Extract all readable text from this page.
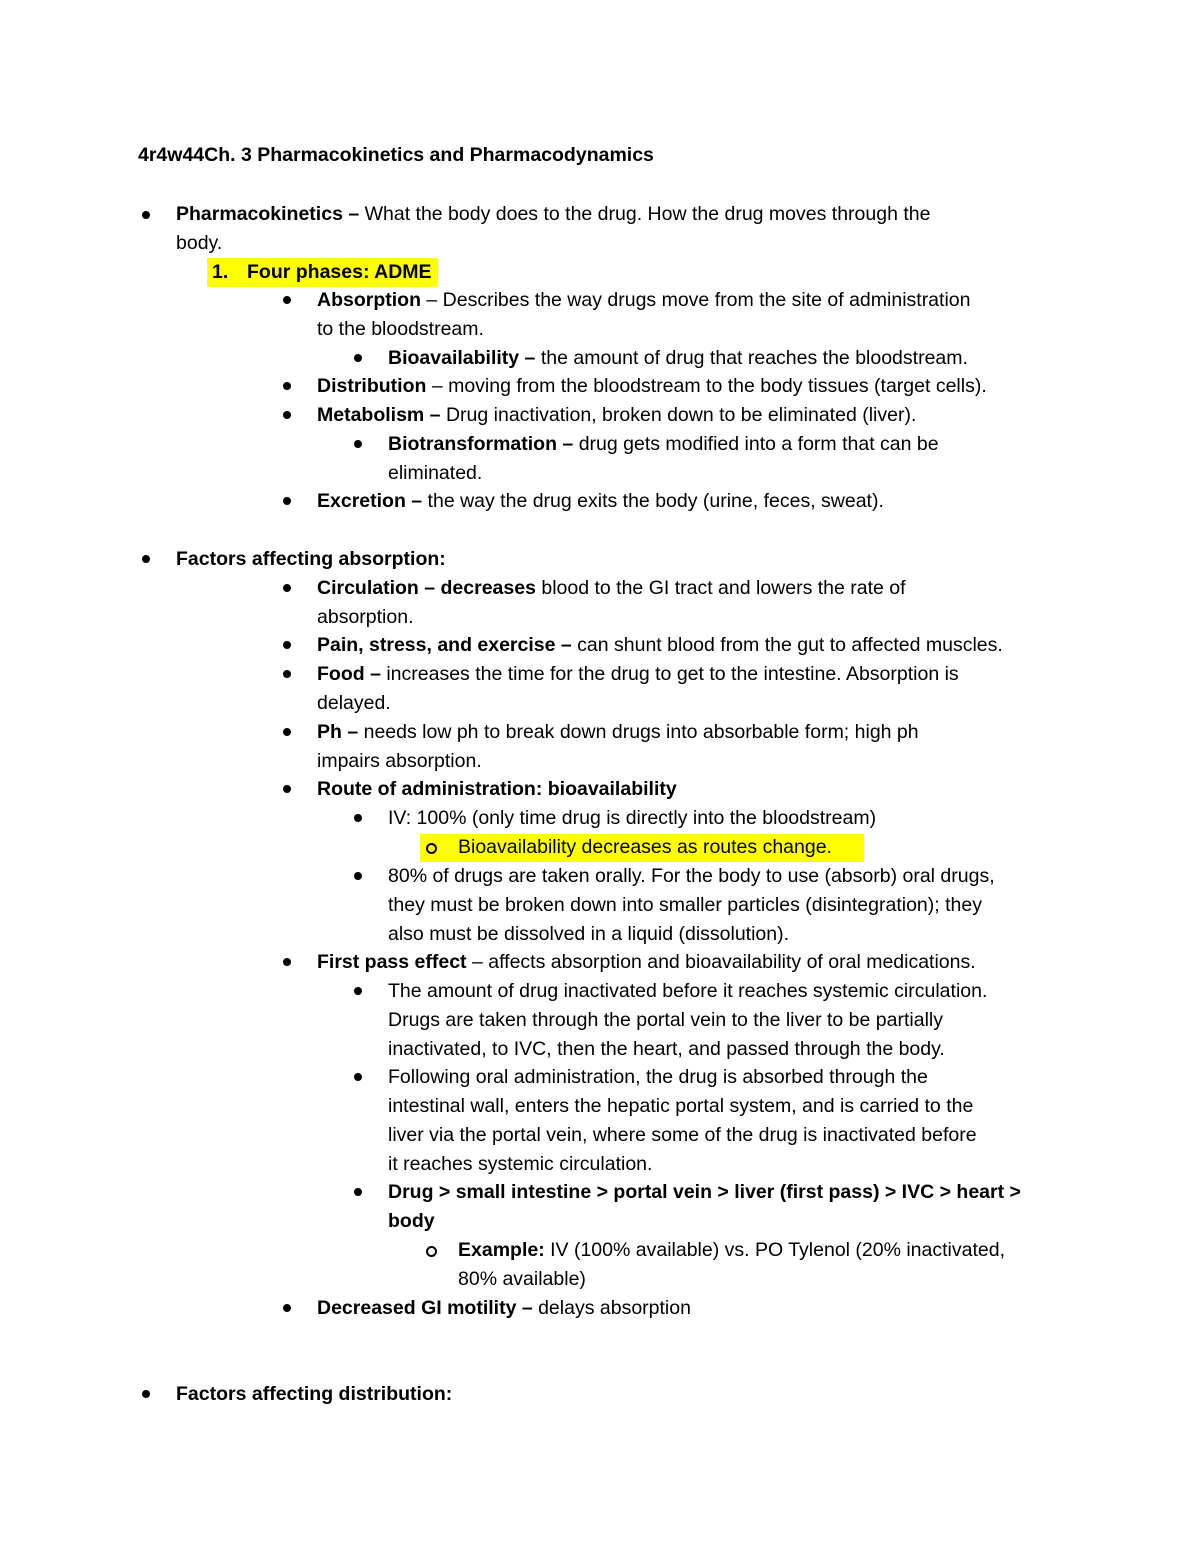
4r4w44Ch. 3 Pharmacokinetics and Pharmacodynamics
Pharmacokinetics – What the body does to the drug. How the drug moves through the
body.
1. Four phases: ADME
Absorption – Describes the way drugs move from the site of administration
to the bloodstream.
Bioavailability – the amount of drug that reaches the bloodstream.
Distribution – moving from the bloodstream to the body tissues (target cells).
Metabolism – Drug inactivation, broken down to be eliminated (liver).
Biotransformation – drug gets modified into a form that can be
eliminated.
Excretion – the way the drug exits the body (urine, feces, sweat).
Factors affecting absorption:
Circulation – decreases blood to the GI tract and lowers the rate of
absorption.
Pain, stress, and exercise – can shunt blood from the gut to affected muscles.
Food – increases the time for the drug to get to the intestine. Absorption is
delayed.
Ph – needs low ph to break down drugs into absorbable form; high ph
impairs absorption.
Route of administration: bioavailability
IV: 100% (only time drug is directly into the bloodstream)
Bioavailability decreases as routes change.
80% of drugs are taken orally. For the body to use (absorb) oral drugs,
they must be broken down into smaller particles (disintegration); they
also must be dissolved in a liquid (dissolution).
First pass effect – affects absorption and bioavailability of oral medications.
The amount of drug inactivated before it reaches systemic circulation.
Drugs are taken through the portal vein to the liver to be partially
inactivated, to IVC, then the heart, and passed through the body.
Following oral administration, the drug is absorbed through the
intestinal wall, enters the hepatic portal system, and is carried to the
liver via the portal vein, where some of the drug is inactivated before
it reaches systemic circulation.
Drug > small intestine > portal vein > liver (first pass) > IVC > heart >
body
Example: IV (100% available) vs. PO Tylenol (20% inactivated,
80% available)
Decreased GI motility – delays absorption
Factors affecting distribution:
